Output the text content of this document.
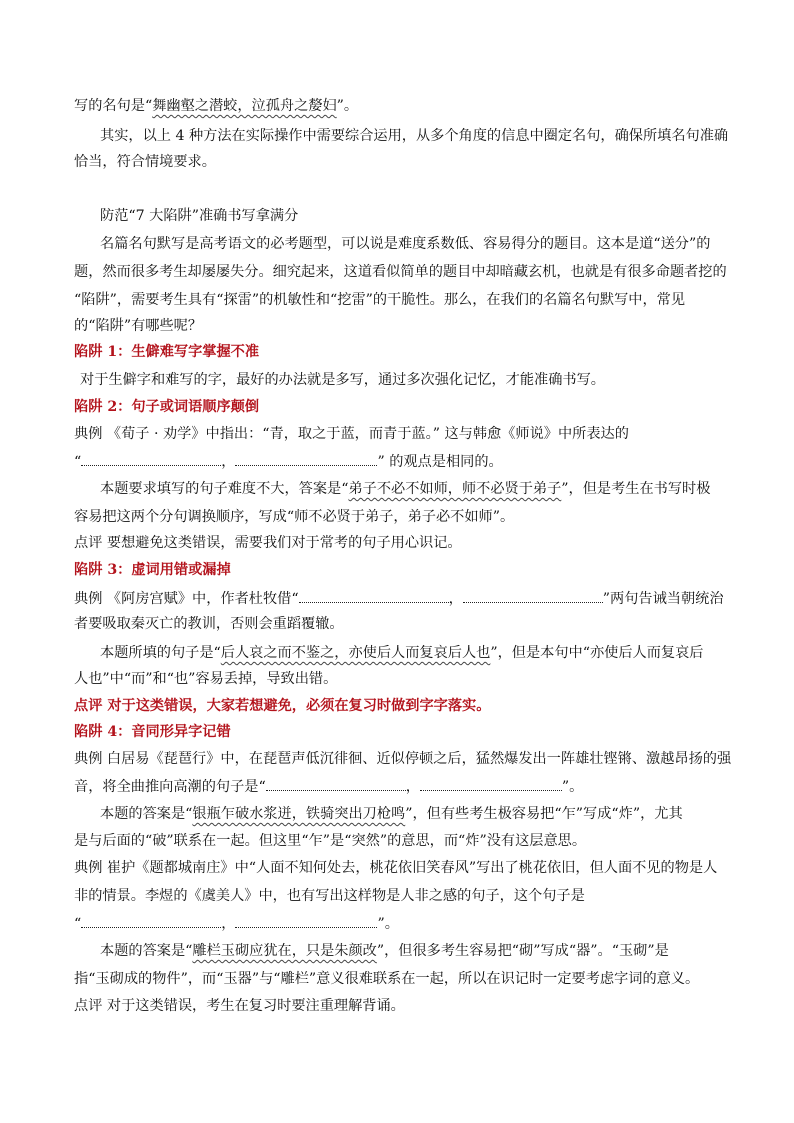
写的名句是“舞幽壑之潜蛟，泣孤舟之嫠妇”。
其实，以上 4 种方法在实际操作中需要综合运用，从多个角度的信息中圈定名句，确保所填名句准确
恰当，符合情境要求。
防范“7 大陷阱”准确书写拿满分
名篇名句默写是高考语文的必考题型，可以说是难度系数低、容易得分的题目。这本是道“送分”的
题，然而很多考生却屡屡失分。细究起来，这道看似简单的题目中却暗藏玄机，也就是有很多命题者挖的
“陷阱”，需要考生具有“探雷”的机敏性和“挖雷”的干脆性。那么，在我们的名篇名句默写中，常见
的“陷阱”有哪些呢？
陷阱 1：生僻难写字掌握不准
对于生僻字和难写的字，最好的办法就是多写，通过多次强化记忆，才能准确书写。
陷阱 2：句子或词语顺序颠倒
典例 《荀子 · 劝学》中指出：“青，取之于蓝，而青于蓝。” 这与韩愈《师说》中所表达的
“	，	” 的观点是相同的。
本题要求填写的句子难度不大，答案是“弟子不必不如师，师不必贤于弟子”，但是考生在书写时极
容易把这两个分句调换顺序，写成“师不必贤于弟子，弟子必不如师”。
点评 要想避免这类错误，需要我们对于常考的句子用心识记。
陷阱 3：虚词用错或漏掉
典例 《阿房宫赋》中，作者杜牧借“	，	”两句告诫当朝统治
者要吸取秦灭亡的教训，否则会重蹈覆辙。
本题所填的句子是“后人哀之而不鉴之，亦使后人而复哀后人也”，但是本句中“亦使后人而复哀后
人也”中“而”和“也”容易丢掉，导致出错。
点评 对于这类错误，大家若想避免，必须在复习时做到字字落实。
陷阱 4：音同形异字记错
典例 白居易《琵琶行》中，在琵琶声低沉徘徊、近似停顿之后，猛然爆发出一阵雄壮铿锵、激越昂扬的强
音，将全曲推向高潮的句子是“	，	”。
本题的答案是“银瓶乍破水浆迸，铁骑突出刀枪鸣”，但有些考生极容易把“乍”写成“炸”，尤其
是与后面的“破”联系在一起。但这里“乍”是“突然”的意思，而“炸”没有这层意思。
典例 崔护《题都城南庄》中“人面不知何处去，桃花依旧笑春风”写出了桃花依旧，但人面不见的物是人
非的情景。李煜的《虞美人》中，也有写出这样物是人非之感的句子，这个句子是
“	，	”。
本题的答案是“雕栏玉砌应犹在，只是朱颜改”，但很多考生容易把“砌”写成“器”。“玉砌”是
指“玉砌成的物件”，而“玉器”与“雕栏”意义很难联系在一起，所以在识记时一定要考虑字词的意义。
点评 对于这类错误，考生在复习时要注重理解背诵。
